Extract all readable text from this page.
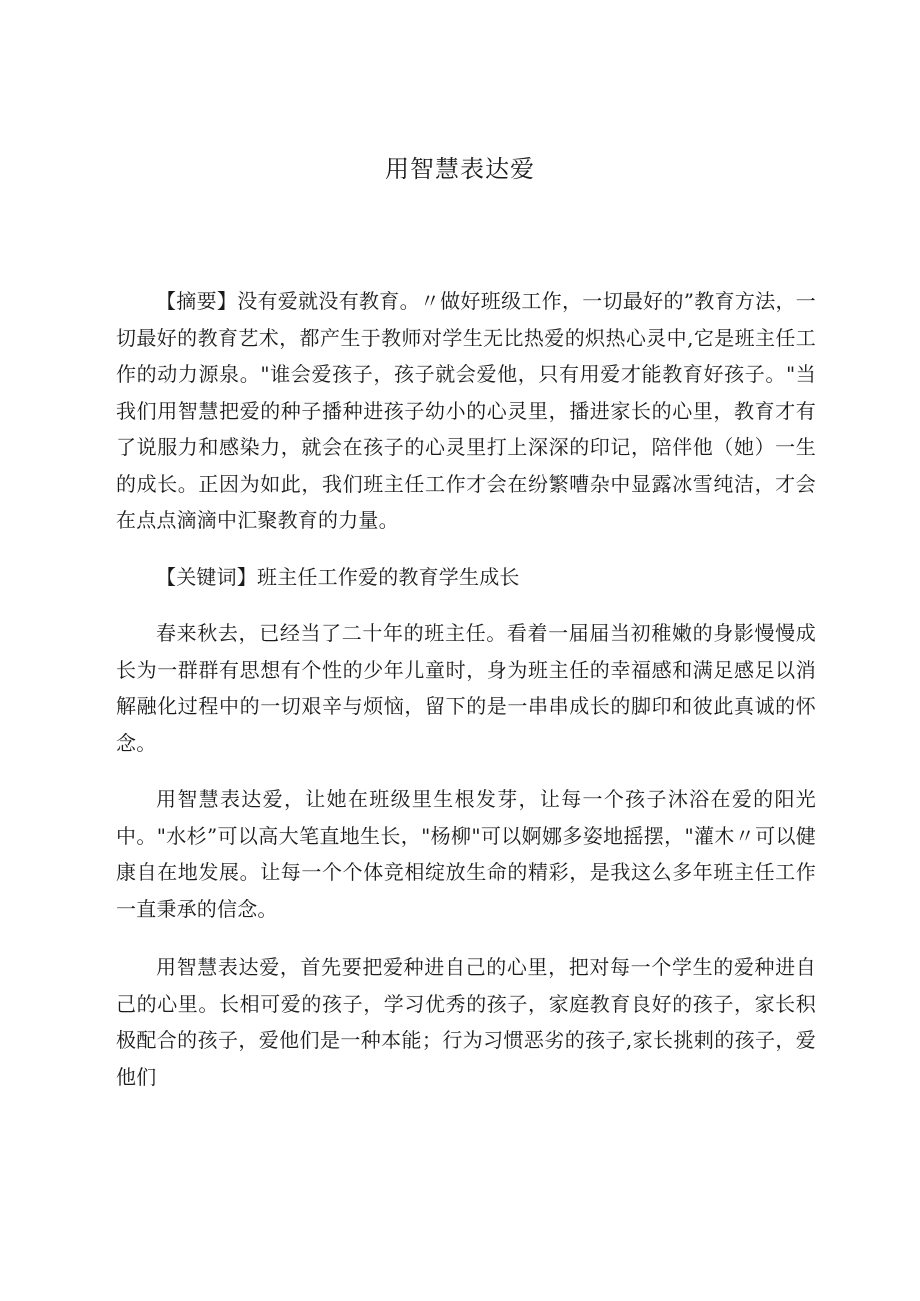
用智慧表达爱

【摘要】没有爱就没有教育。〃做好班级工作，一切最好的”教育方法，一切最好的教育艺术，都产生于教师对学生无比热爱的炽热心灵中,它是班主任工作的动力源泉。"谁会爱孩子，孩子就会爱他，只有用爱才能教育好孩子。"当我们用智慧把爱的种子播种进孩子幼小的心灵里，播进家长的心里，教育才有了说服力和感染力，就会在孩子的心灵里打上深深的印记，陪伴他（她）一生的成长。正因为如此，我们班主任工作才会在纷繁嘈杂中显露冰雪纯洁，才会在点点滴滴中汇聚教育的力量。

【关键词】班主任工作爱的教育学生成长

春来秋去，已经当了二十年的班主任。看着一届届当初稚嫩的身影慢慢成长为一群群有思想有个性的少年儿童时，身为班主任的幸福感和满足感足以消解融化过程中的一切艰辛与烦恼，留下的是一串串成长的脚印和彼此真诚的怀念。

用智慧表达爱，让她在班级里生根发芽，让每一个孩子沐浴在爱的阳光中。"水杉”可以高大笔直地生长，"杨柳"可以婀娜多姿地摇摆，"灌木〃可以健康自在地发展。让每一个个体竞相绽放生命的精彩，是我这么多年班主任工作一直秉承的信念。

用智慧表达爱，首先要把爱种进自己的心里，把对每一个学生的爱种进自己的心里。长相可爱的孩子，学习优秀的孩子，家庭教育良好的孩子，家长积极配合的孩子，爱他们是一种本能；行为习惯恶劣的孩子,家长挑剌的孩子，爱他们
